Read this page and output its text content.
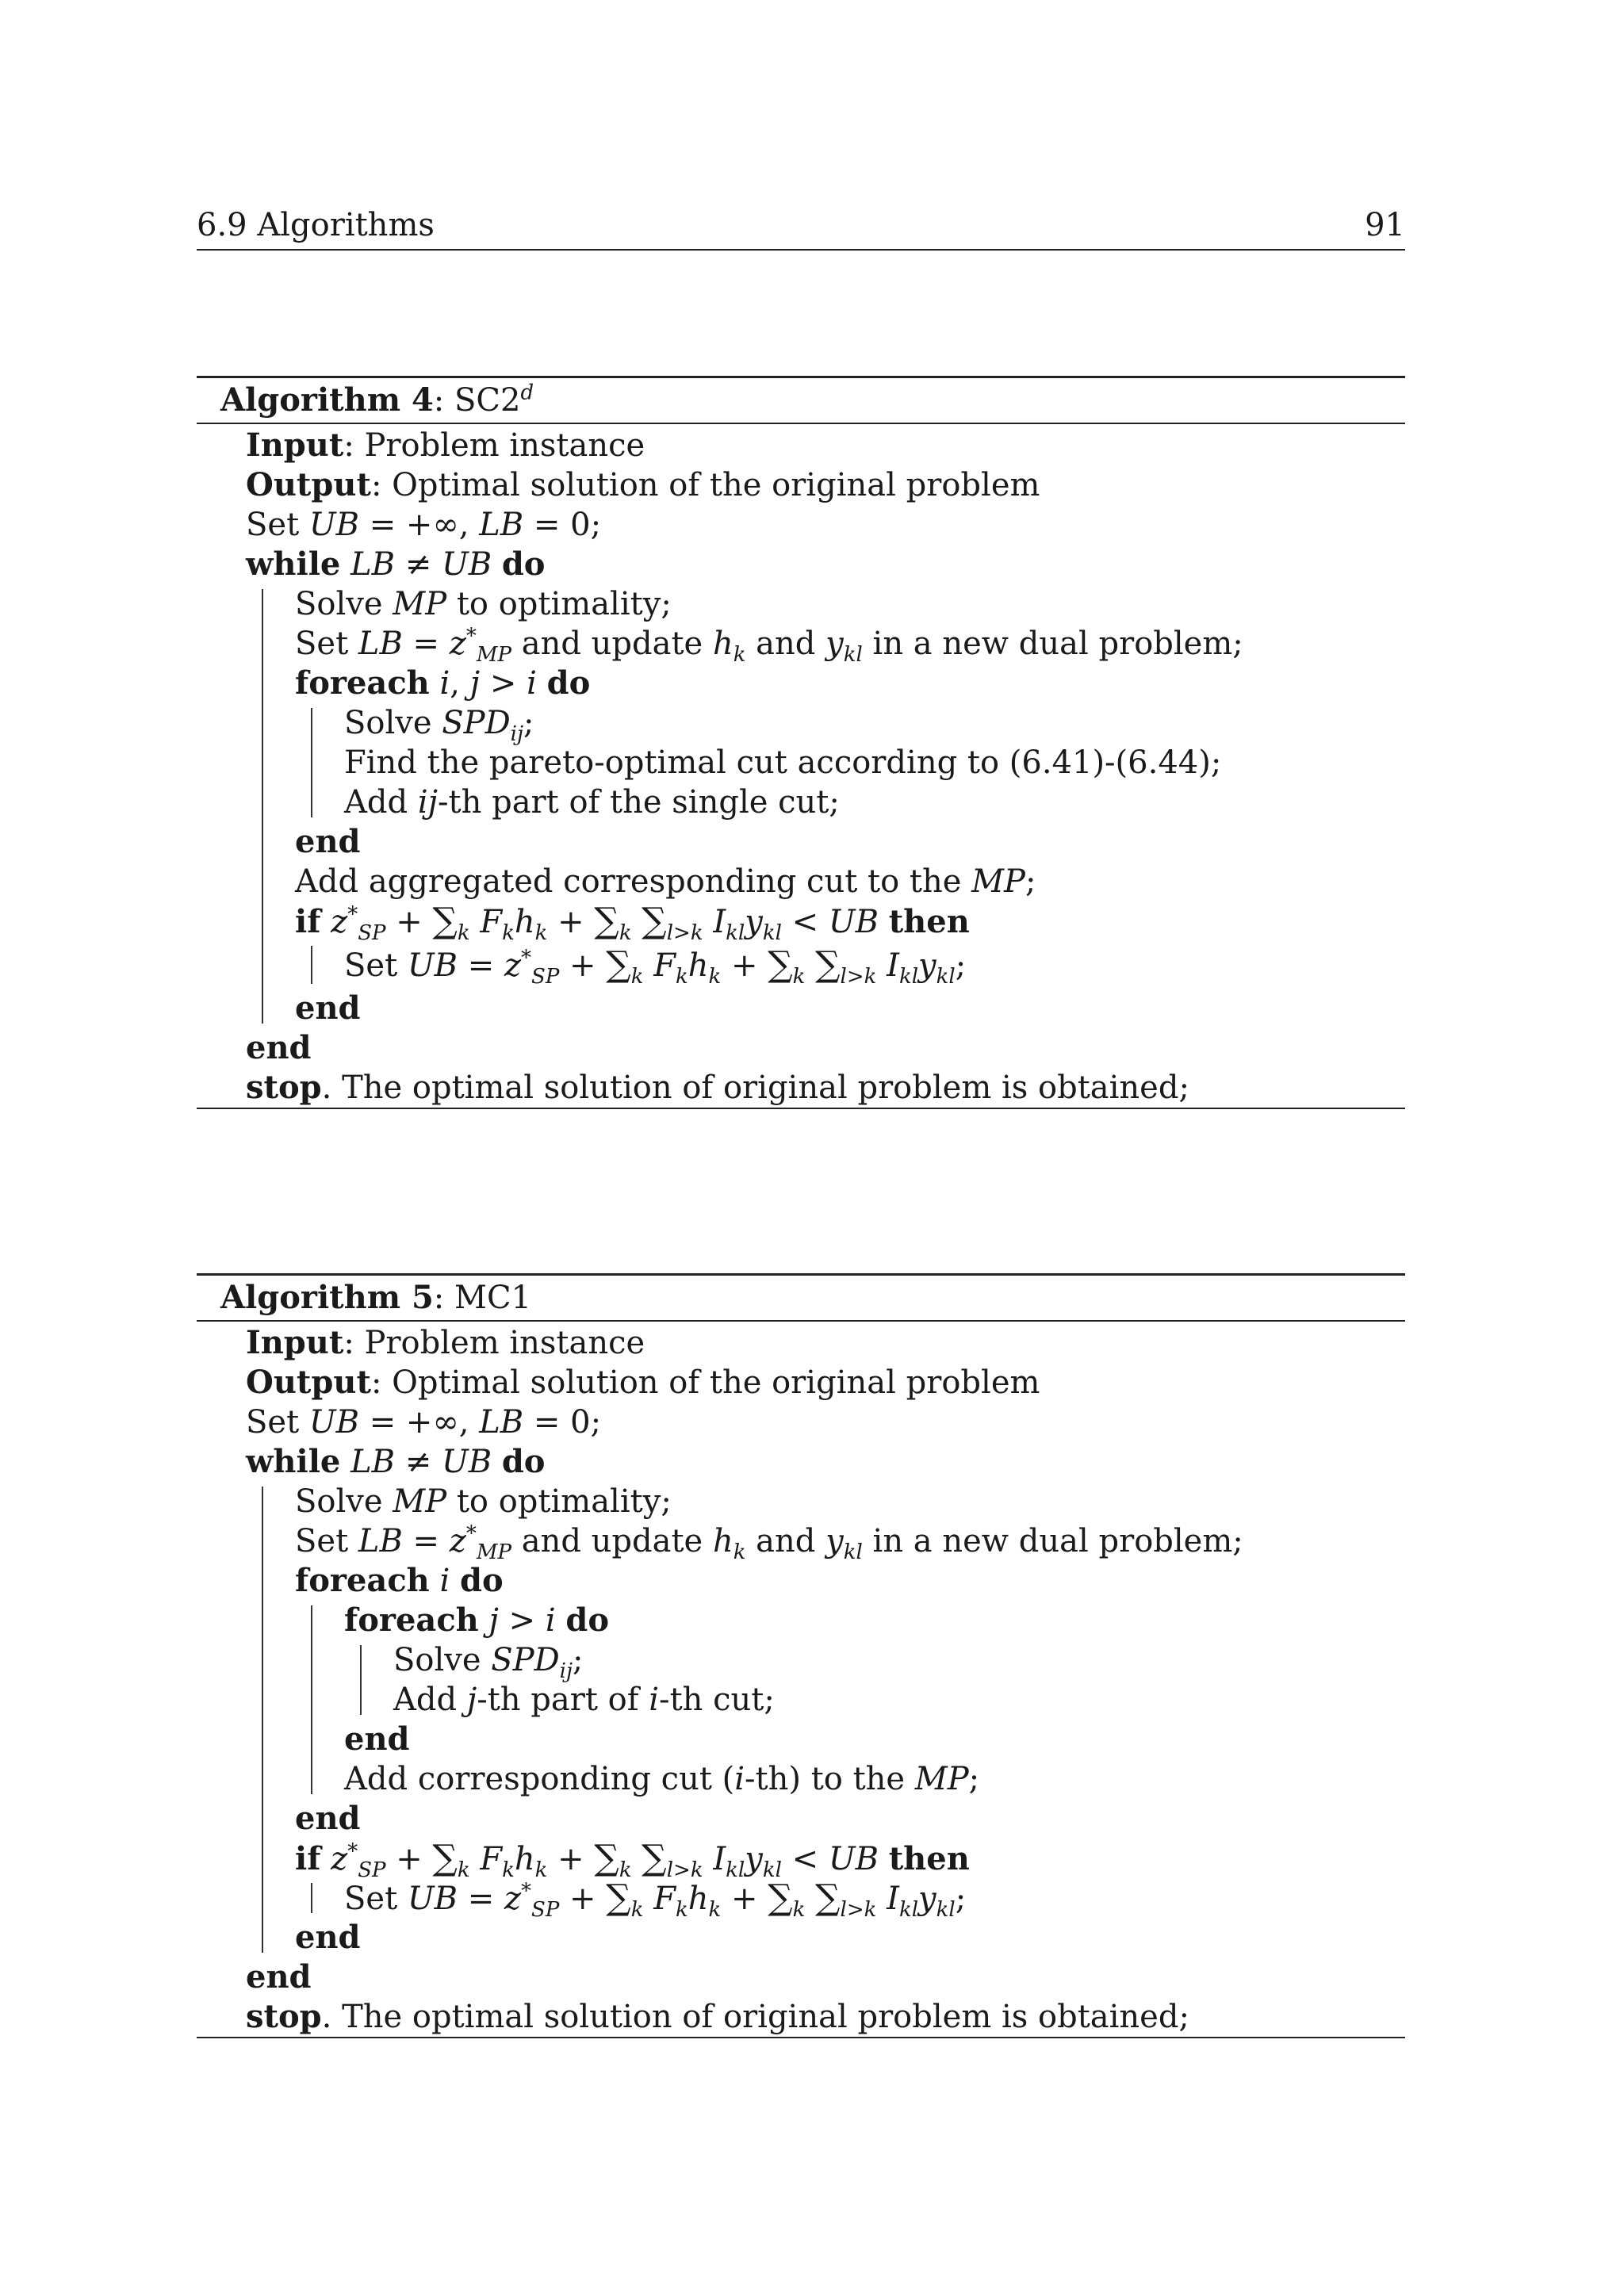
6.9 Algorithms	91
Algorithm 4: SC2$^d$
Input: Problem instance
Output: Optimal solution of the original problem
Set UB = +∞, LB = 0;
while LB ≠ UB do
Solve MP to optimality;
Set LB = $z^*_{MP}$ and update $h_k$ and $y_{kl}$ in a new dual problem;
foreach i, j > i do
Solve $SPD_{ij}$;
Find the pareto-optimal cut according to (6.41)-(6.44);
Add ij-th part of the single cut;
end
Add aggregated corresponding cut to the MP;
if $z^*_{SP} + \sum_k$ $F_kh_k + \sum_k$ $\sum_{l>k}$ $I_{kl}y_{kl}$ < UB then
Set UB = $z^*_{SP} + \sum_k$ $F_kh_k + \sum_k$ $\sum_{l>k}$ $I_{kl}y_{kl}$;
end
end
stop. The optimal solution of original problem is obtained;
Algorithm 5: MC1
Input: Problem instance
Output: Optimal solution of the original problem
Set UB = +∞, LB = 0;
while LB ≠ UB do
Solve MP to optimality;
Set LB = $z^*_{MP}$ and update $h_k$ and $y_{kl}$ in a new dual problem;
foreach i do
foreach j > i do
Solve $SPD_{ij}$;
Add j-th part of i-th cut;
end
Add corresponding cut (i-th) to the MP;
end
if $z^*_{SP} + \sum_k$ $F_kh_k + \sum_k$ $\sum_{l>k}$ $I_{kl}y_{kl}$ < UB then
Set UB = $z^*_{SP} + \sum_k$ $F_kh_k + \sum_k$ $\sum_{l>k}$ $I_{kl}y_{kl}$;
end
end
stop. The optimal solution of original problem is obtained;
